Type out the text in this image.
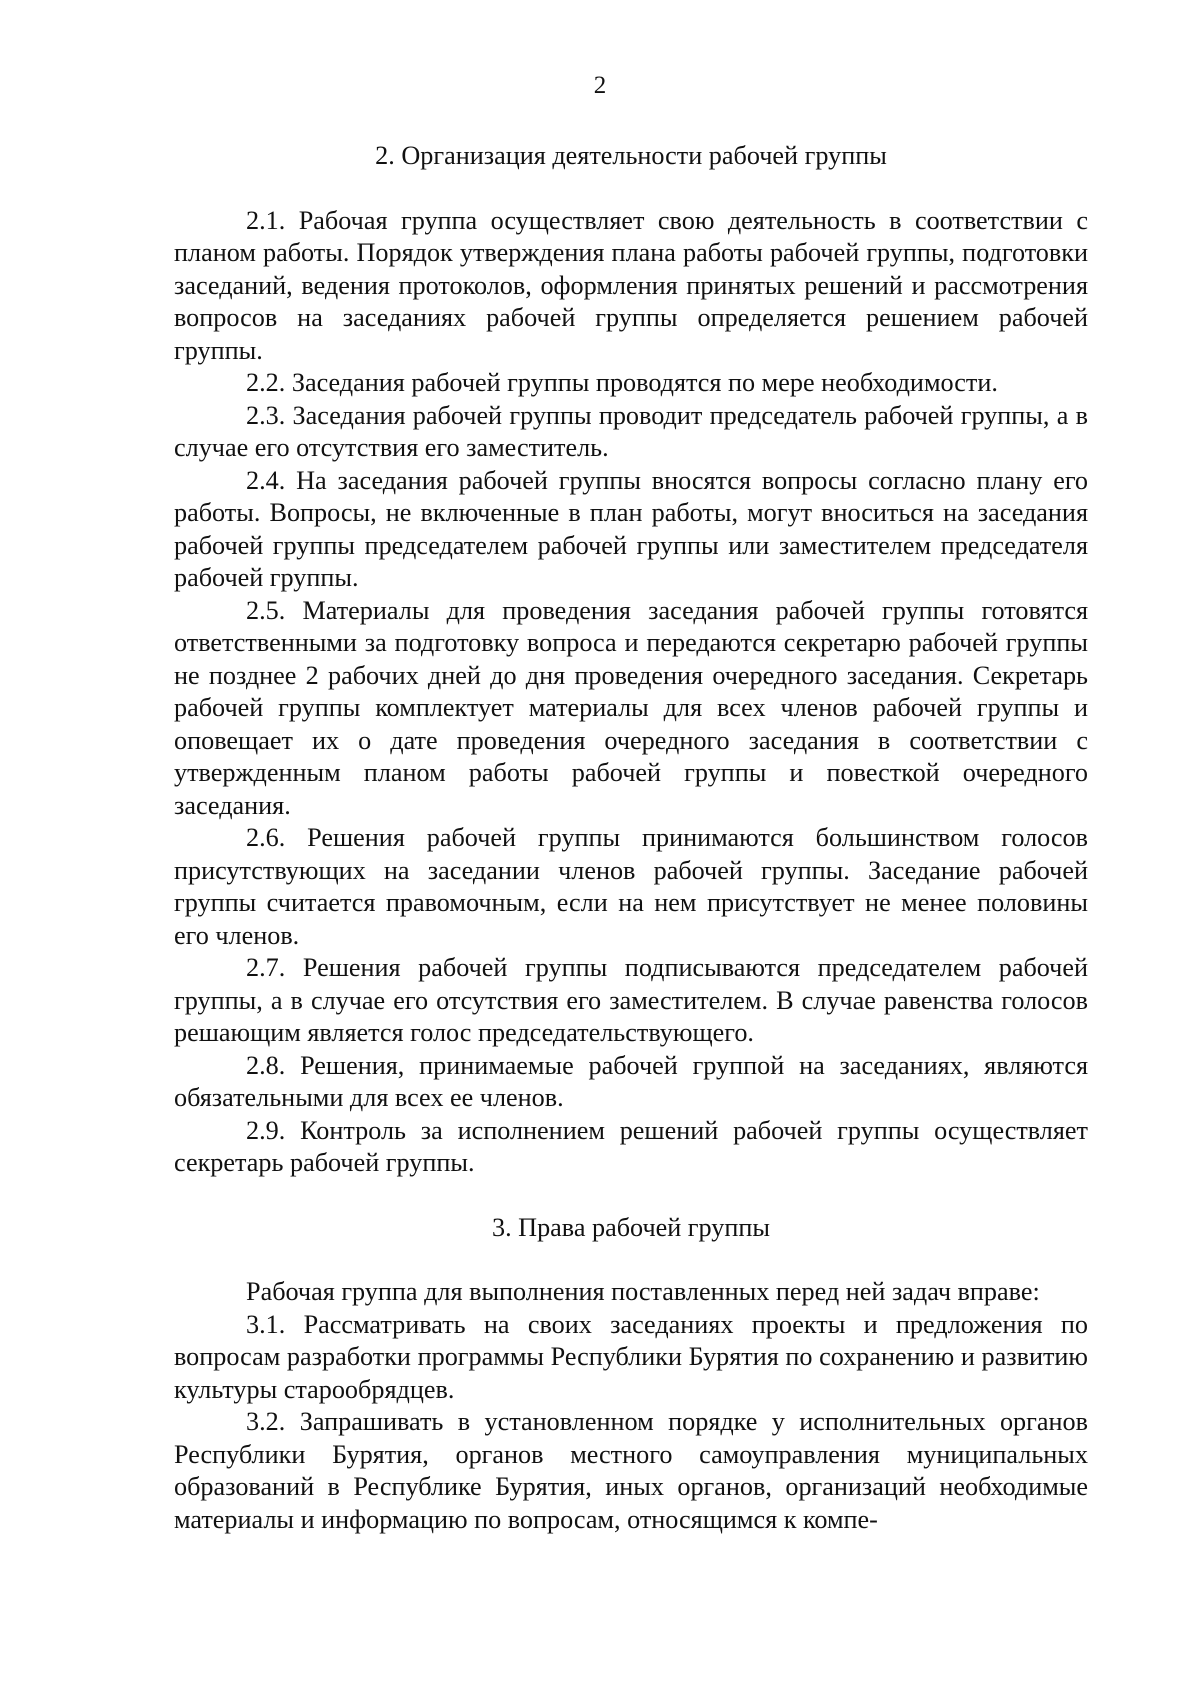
2
2. Организация деятельности рабочей группы

2.1. Рабочая группа осуществляет свою деятельность в соответствии с планом работы. Порядок утверждения плана работы рабочей группы, подготовки заседаний, ведения протоколов, оформления принятых решений и рассмотрения вопросов на заседаниях рабочей группы определяется решением рабочей группы.

2.2. Заседания рабочей группы проводятся по мере необходимости.

2.3. Заседания рабочей группы проводит председатель рабочей группы, а в случае его отсутствия его заместитель.

2.4. На заседания рабочей группы вносятся вопросы согласно плану его работы. Вопросы, не включенные в план работы, могут вноситься на заседания рабочей группы председателем рабочей группы или заместителем председателя рабочей группы.

2.5. Материалы для проведения заседания рабочей группы готовятся ответственными за подготовку вопроса и передаются секретарю рабочей группы не позднее 2 рабочих дней до дня проведения очередного заседания. Секретарь рабочей группы комплектует материалы для всех членов рабочей группы и оповещает их о дате проведения очередного заседания в соответствии с утвержденным планом работы рабочей группы и повесткой очередного заседания.

2.6. Решения рабочей группы принимаются большинством голосов присутствующих на заседании членов рабочей группы. Заседание рабочей группы считается правомочным, если на нем присутствует не менее половины его членов.

2.7. Решения рабочей группы подписываются председателем рабочей группы, а в случае его отсутствия его заместителем. В случае равенства голосов решающим является голос председательствующего.

2.8. Решения, принимаемые рабочей группой на заседаниях, являются обязательными для всех ее членов.

2.9. Контроль за исполнением решений рабочей группы осуществляет секретарь рабочей группы.

3. Права рабочей группы

Рабочая группа для выполнения поставленных перед ней задач вправе:

3.1. Рассматривать на своих заседаниях проекты и предложения по вопросам разработки программы Республики Бурятия по сохранению и развитию культуры старообрядцев.

3.2. Запрашивать в установленном порядке у исполнительных органов Республики Бурятия, органов местного самоуправления муниципальных образований в Республике Бурятия, иных органов, организаций необходимые материалы и информацию по вопросам, относящимся к компе-
